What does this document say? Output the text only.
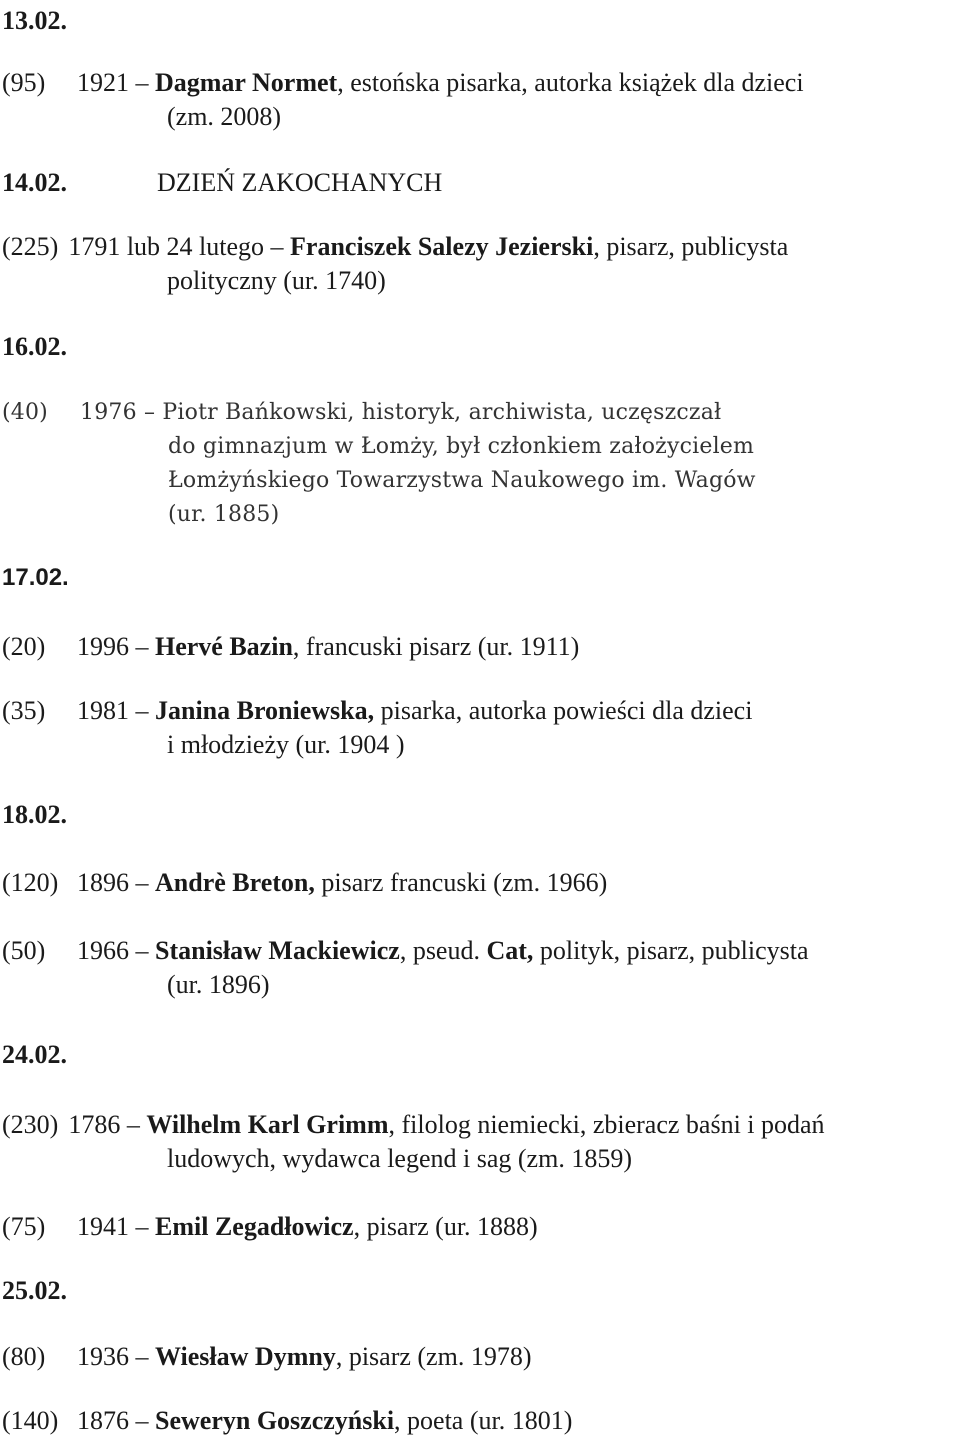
13.02.
(95) 1921 – Dagmar Normet, estońska pisarka, autorka książek dla dzieci
(zm. 2008)
14.02.	DZIEŃ ZAKOCHANYCH
(225) 1791 lub 24 lutego – Franciszek Salezy Jezierski, pisarz, publicysta
polityczny (ur. 1740)
16.02.
(40) 1976 – Piotr Bańkowski, historyk, archiwista, uczęszczał
do gimnazjum w Łomży, był członkiem założycielem
Łomżyńskiego Towarzystwa Naukowego im. Wagów
(ur. 1885)
17.02.
(20) 1996 – Hervé Bazin, francuski pisarz (ur. 1911)
(35) 1981 – Janina Broniewska, pisarka, autorka powieści dla dzieci
i młodzieży (ur. 1904 )
18.02.
(120) 1896 – Andrè Breton, pisarz francuski (zm. 1966)
(50) 1966 – Stanisław Mackiewicz, pseud. Cat, polityk, pisarz, publicysta
(ur. 1896)
24.02.
(230) 1786 – Wilhelm Karl Grimm, filolog niemiecki, zbieracz baśni i podań
ludowych, wydawca legend i sag (zm. 1859)
(75) 1941 – Emil Zegadłowicz, pisarz (ur. 1888)
25.02.
(80) 1936 – Wiesław Dymny, pisarz (zm. 1978)
(140) 1876 – Seweryn Goszczyński, poeta (ur. 1801)
